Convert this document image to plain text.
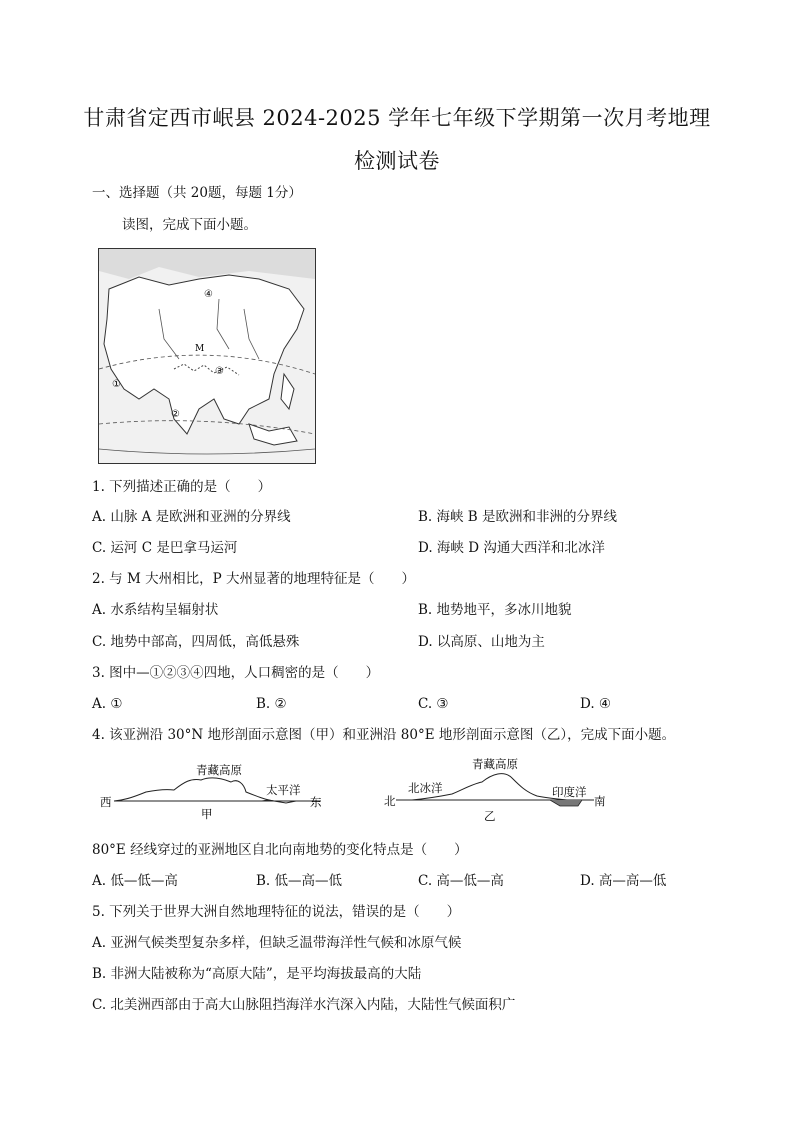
甘肃省定西市岷县 2024-2025 学年七年级下学期第一次月考地理
检测试卷
一、选择题（共 20题，每题 1分）
读图，完成下面小题。
M
①
②
③
④
1. 下列描述正确的是（　　）
A. 山脉 A 是欧洲和亚洲的分界线	B. 海峡 B 是欧洲和非洲的分界线
C. 运河 C 是巴拿马运河	D. 海峡 D 沟通大西洋和北冰洋
2. 与 M 大州相比，P 大州显著的地理特征是（　　）
A. 水系结构呈辐射状	B. 地势地平，多冰川地貌
C. 地势中部高，四周低，高低悬殊	D. 以高原、山地为主
3. 图中—①②③④四地，人口稠密的是（　　）
A. ①	B. ②	C. ③	D. ④
4. 该亚洲沿 30°N 地形剖面示意图（甲）和亚洲沿 80°E 地形剖面示意图（乙），完成下面小题。
青藏高原
太平洋
西	东
甲
青藏高原
北冰洋	印度洋
北	南
乙
80°E 经线穿过的亚洲地区自北向南地势的变化特点是（　　）
A. 低—低—高	B. 低—高—低	C. 高—低—高	D. 高—高—低
5. 下列关于世界大洲自然地理特征的说法，错误的是（　　）
A. 亚洲气候类型复杂多样，但缺乏温带海洋性气候和冰原气候
B. 非洲大陆被称为“高原大陆”，是平均海拔最高的大陆
C. 北美洲西部由于高大山脉阻挡海洋水汽深入内陆，大陆性气候面积广
